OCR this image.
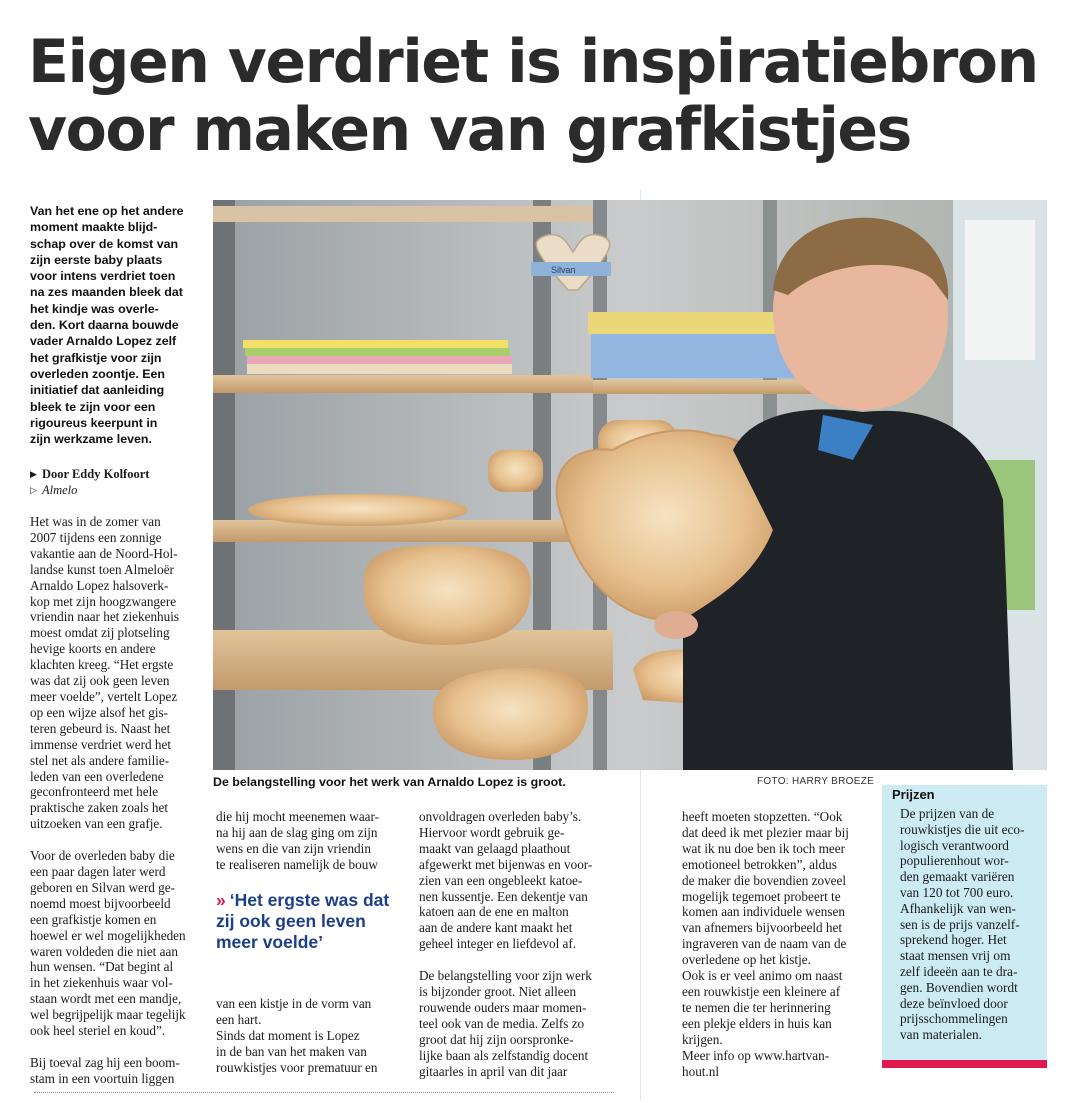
Eigen verdriet is inspiratiebron
voor maken van grafkistjes
Van het ene op het andere
moment maakte blijd-
schap over de komst van
zijn eerste baby plaats
voor intens verdriet toen
na zes maanden bleek dat
het kindje was overle-
den. Kort daarna bouwde
vader Arnaldo Lopez zelf
het grafkistje voor zijn
overleden zoontje. Een
initiatief dat aanleiding
bleek te zijn voor een
rigoureus keerpunt in
zijn werkzame leven.
▶ Door Eddy Kolfoort
▷ Almelo

Het was in de zomer van
2007 tijdens een zonnige
vakantie aan de Noord-Hol-
landse kunst toen Almeloër
Arnaldo Lopez halsoverk-
kop met zijn hoogzwangere
vriendin naar het ziekenhuis
moest omdat zij plotseling
hevige koorts en andere
klachten kreeg. “Het ergste
was dat zij ook geen leven
meer voelde”, vertelt Lopez
op een wijze alsof het gis-
teren gebeurd is. Naast het
immense verdriet werd het
stel net als andere familie-
leden van een overledene
geconfronteerd met hele
praktische zaken zoals het
uitzoeken van een grafje.

Voor de overleden baby die
een paar dagen later werd
geboren en Silvan werd ge-
noemd moest bijvoorbeeld
een grafkistje komen en
hoewel er wel mogelijkheden
waren voldeden die niet aan
hun wensen. “Dat begint al
in het ziekenhuis waar vol-
staan wordt met een mandje,
wel begrijpelijk maar tegelijk
ook heel steriel en koud”.

Bij toeval zag hij een boom-
stam in een voortuin liggen

Silvan
De belangstelling voor het werk van Arnaldo Lopez is groot.	FOTO: HARRY BROEZE

die hij mocht meenemen waar-
na hij aan de slag ging om zijn
wens en die van zijn vriendin
te realiseren namelijk de bouw

» ‘Het ergste was dat zij ook geen leven meer voelde’

van een kistje in de vorm van
een hart.
Sinds dat moment is Lopez
in de ban van het maken van
rouwkistjes voor prematuur en

onvoldragen overleden baby’s.
Hiervoor wordt gebruik ge-
maakt van gelaagd plaathout
afgewerkt met bijenwas en voor-
zien van een ongebleekt katoe-
nen kussentje. Een dekentje van
katoen aan de ene en malton
aan de andere kant maakt het
geheel integer en liefdevol af.

De belangstelling voor zijn werk
is bijzonder groot. Niet alleen
rouwende ouders maar momen-
teel ook van de media. Zelfs zo
groot dat hij zijn oorspronke-
lijke baan als zelfstandig docent
gitaarles in april van dit jaar

heeft moeten stopzetten. “Ook
dat deed ik met plezier maar bij
wat ik nu doe ben ik toch meer
emotioneel betrokken”, aldus
de maker die bovendien zoveel
mogelijk tegemoet probeert te
komen aan individuele wensen
van afnemers bijvoorbeeld het
ingraveren van de naam van de
overledene op het kistje.
Ook is er veel animo om naast
een rouwkistje een kleinere af
te nemen die ter herinnering
een plekje elders in huis kan
krijgen.
Meer info op www.hartvan-
hout.nl

Prijzen
De prijzen van de
rouwkistjes die uit eco-
logisch verantwoord
populierenhout wor-
den gemaakt variëren
van 120 tot 700 euro.
Afhankelijk van wen-
sen is de prijs vanzelf-
sprekend hoger. Het
staat mensen vrij om
zelf ideeën aan te dra-
gen. Bovendien wordt
deze beïnvloed door
prijsschommelingen
van materialen.
